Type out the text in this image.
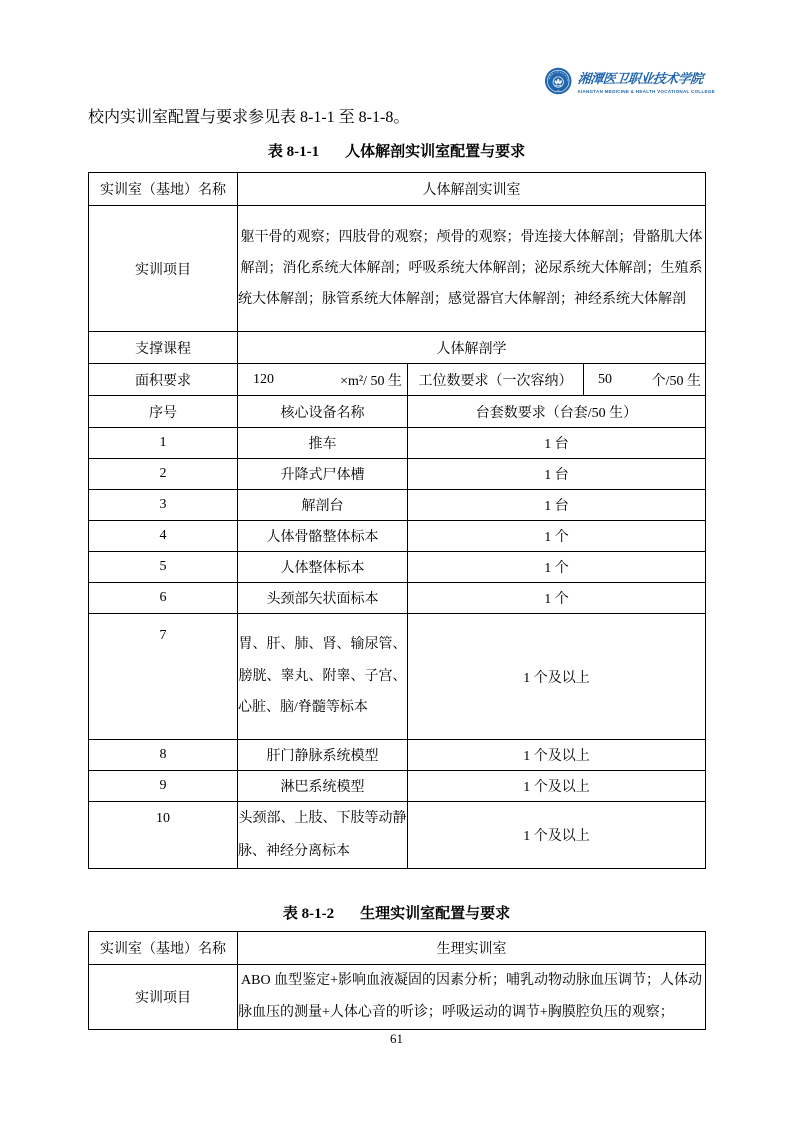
湘潭医卫职业技术学院 湘潭医卫职业技术学院
XIANGTAN MEDICINE & HEALTH VOCATIONAL COLLEGE

校内实训室配置与要求参见表 8-1-1 至 8-1-8。

表 8-1-1 人体解剖实训室配置与要求
实训室（基地）名称	人体解剖实训室		
实训项目	躯干骨的观察；四肢骨的观察；颅骨的观察；骨连接大体解剖；骨骼肌大体解剖；消化系统大体解剖；呼吸系统大体解剖；泌尿系统大体解剖；生殖系统大体解剖；脉管系统大体解剖；感觉器官大体解剖；神经系统大体解剖		
支撑课程	人体解剖学		
面积要求	120 ×m²/ 50 生	工位数要求（一次容纳）	50 个/50 生

序号	核心设备名称	台套数要求（台套/50 生）	
1	推车	1 台	
2	升降式尸体槽	1 台	
3	解剖台	1 台	
4	人体骨骼整体标本	1 个	
5	人体整体标本	1 个	
6	头颈部矢状面标本	1 个	
7	胃、肝、肺、肾、输尿管、膀胱、睾丸、附睾、子宫、心脏、脑/脊髓等标本	1 个及以上	
8	肝门静脉系统模型	1 个及以上	
9	淋巴系统模型	1 个及以上	
10	头颈部、上肢、下肢等动静脉、神经分离标本	1 个及以上	
表 8-1-2 生理实训室配置与要求
实训室（基地）名称	生理实训室
实训项目	ABO 血型鉴定+影响血液凝固的因素分析；哺乳动物动脉血压调节；人体动脉血压的测量+人体心音的听诊；呼吸运动的调节+胸膜腔负压的观察；
61
